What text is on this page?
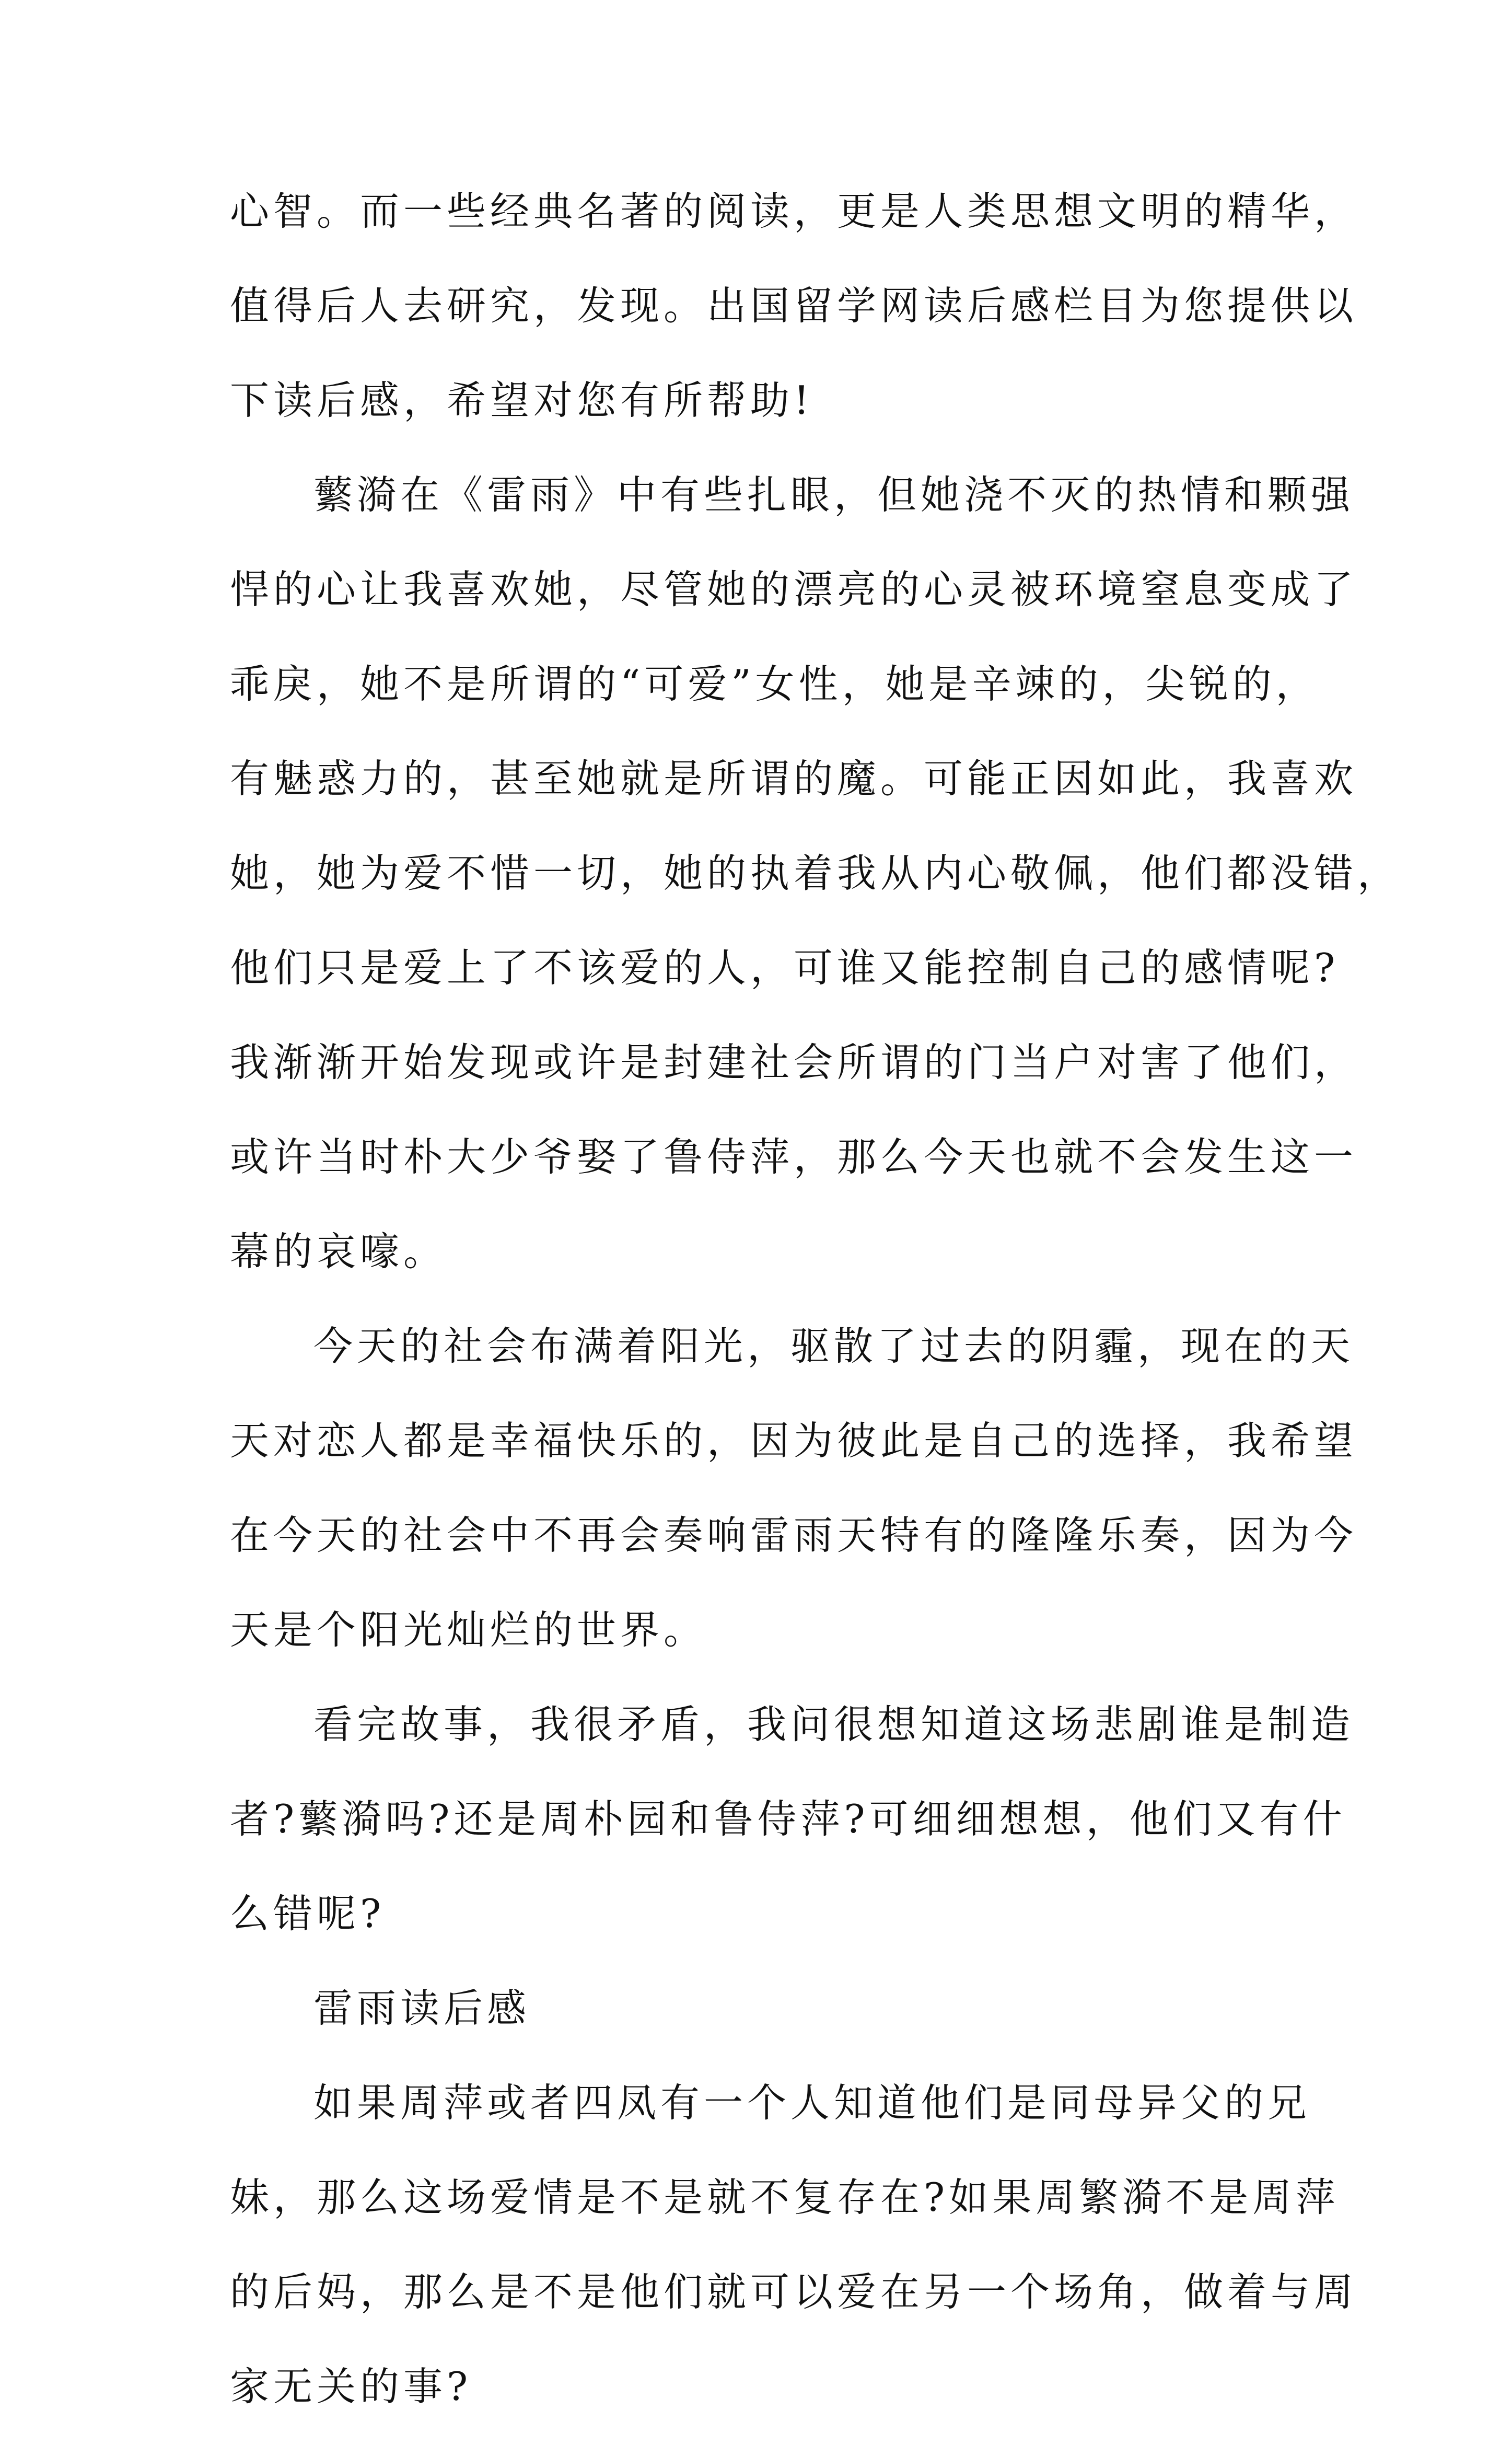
心智。而一些经典名著的阅读，更是人类思想文明的精华，
值得后人去研究，发现。出国留学网读后感栏目为您提供以
下读后感，希望对您有所帮助!
蘩漪在《雷雨》中有些扎眼，但她浇不灭的热情和颗强
悍的心让我喜欢她，尽管她的漂亮的心灵被环境窒息变成了
乖戾，她不是所谓的“可爱”女性，她是辛竦的，尖锐的，
有魅惑力的，甚至她就是所谓的魔。可能正因如此，我喜欢
她，她为爱不惜一切，她的执着我从内心敬佩，他们都没错，
他们只是爱上了不该爱的人，可谁又能控制自己的感情呢?
我渐渐开始发现或许是封建社会所谓的门当户对害了他们，
或许当时朴大少爷娶了鲁侍萍，那么今天也就不会发生这一
幕的哀嚎。
今天的社会布满着阳光，驱散了过去的阴霾，现在的天
天对恋人都是幸福快乐的，因为彼此是自己的选择，我希望
在今天的社会中不再会奏响雷雨天特有的隆隆乐奏，因为今
天是个阳光灿烂的世界。
看完故事，我很矛盾，我问很想知道这场悲剧谁是制造
者?蘩漪吗?还是周朴园和鲁侍萍?可细细想想，他们又有什
么错呢?
雷雨读后感
如果周萍或者四凤有一个人知道他们是同母异父的兄
妹，那么这场爱情是不是就不复存在?如果周繁漪不是周萍
的后妈，那么是不是他们就可以爱在另一个场角，做着与周
家无关的事?
